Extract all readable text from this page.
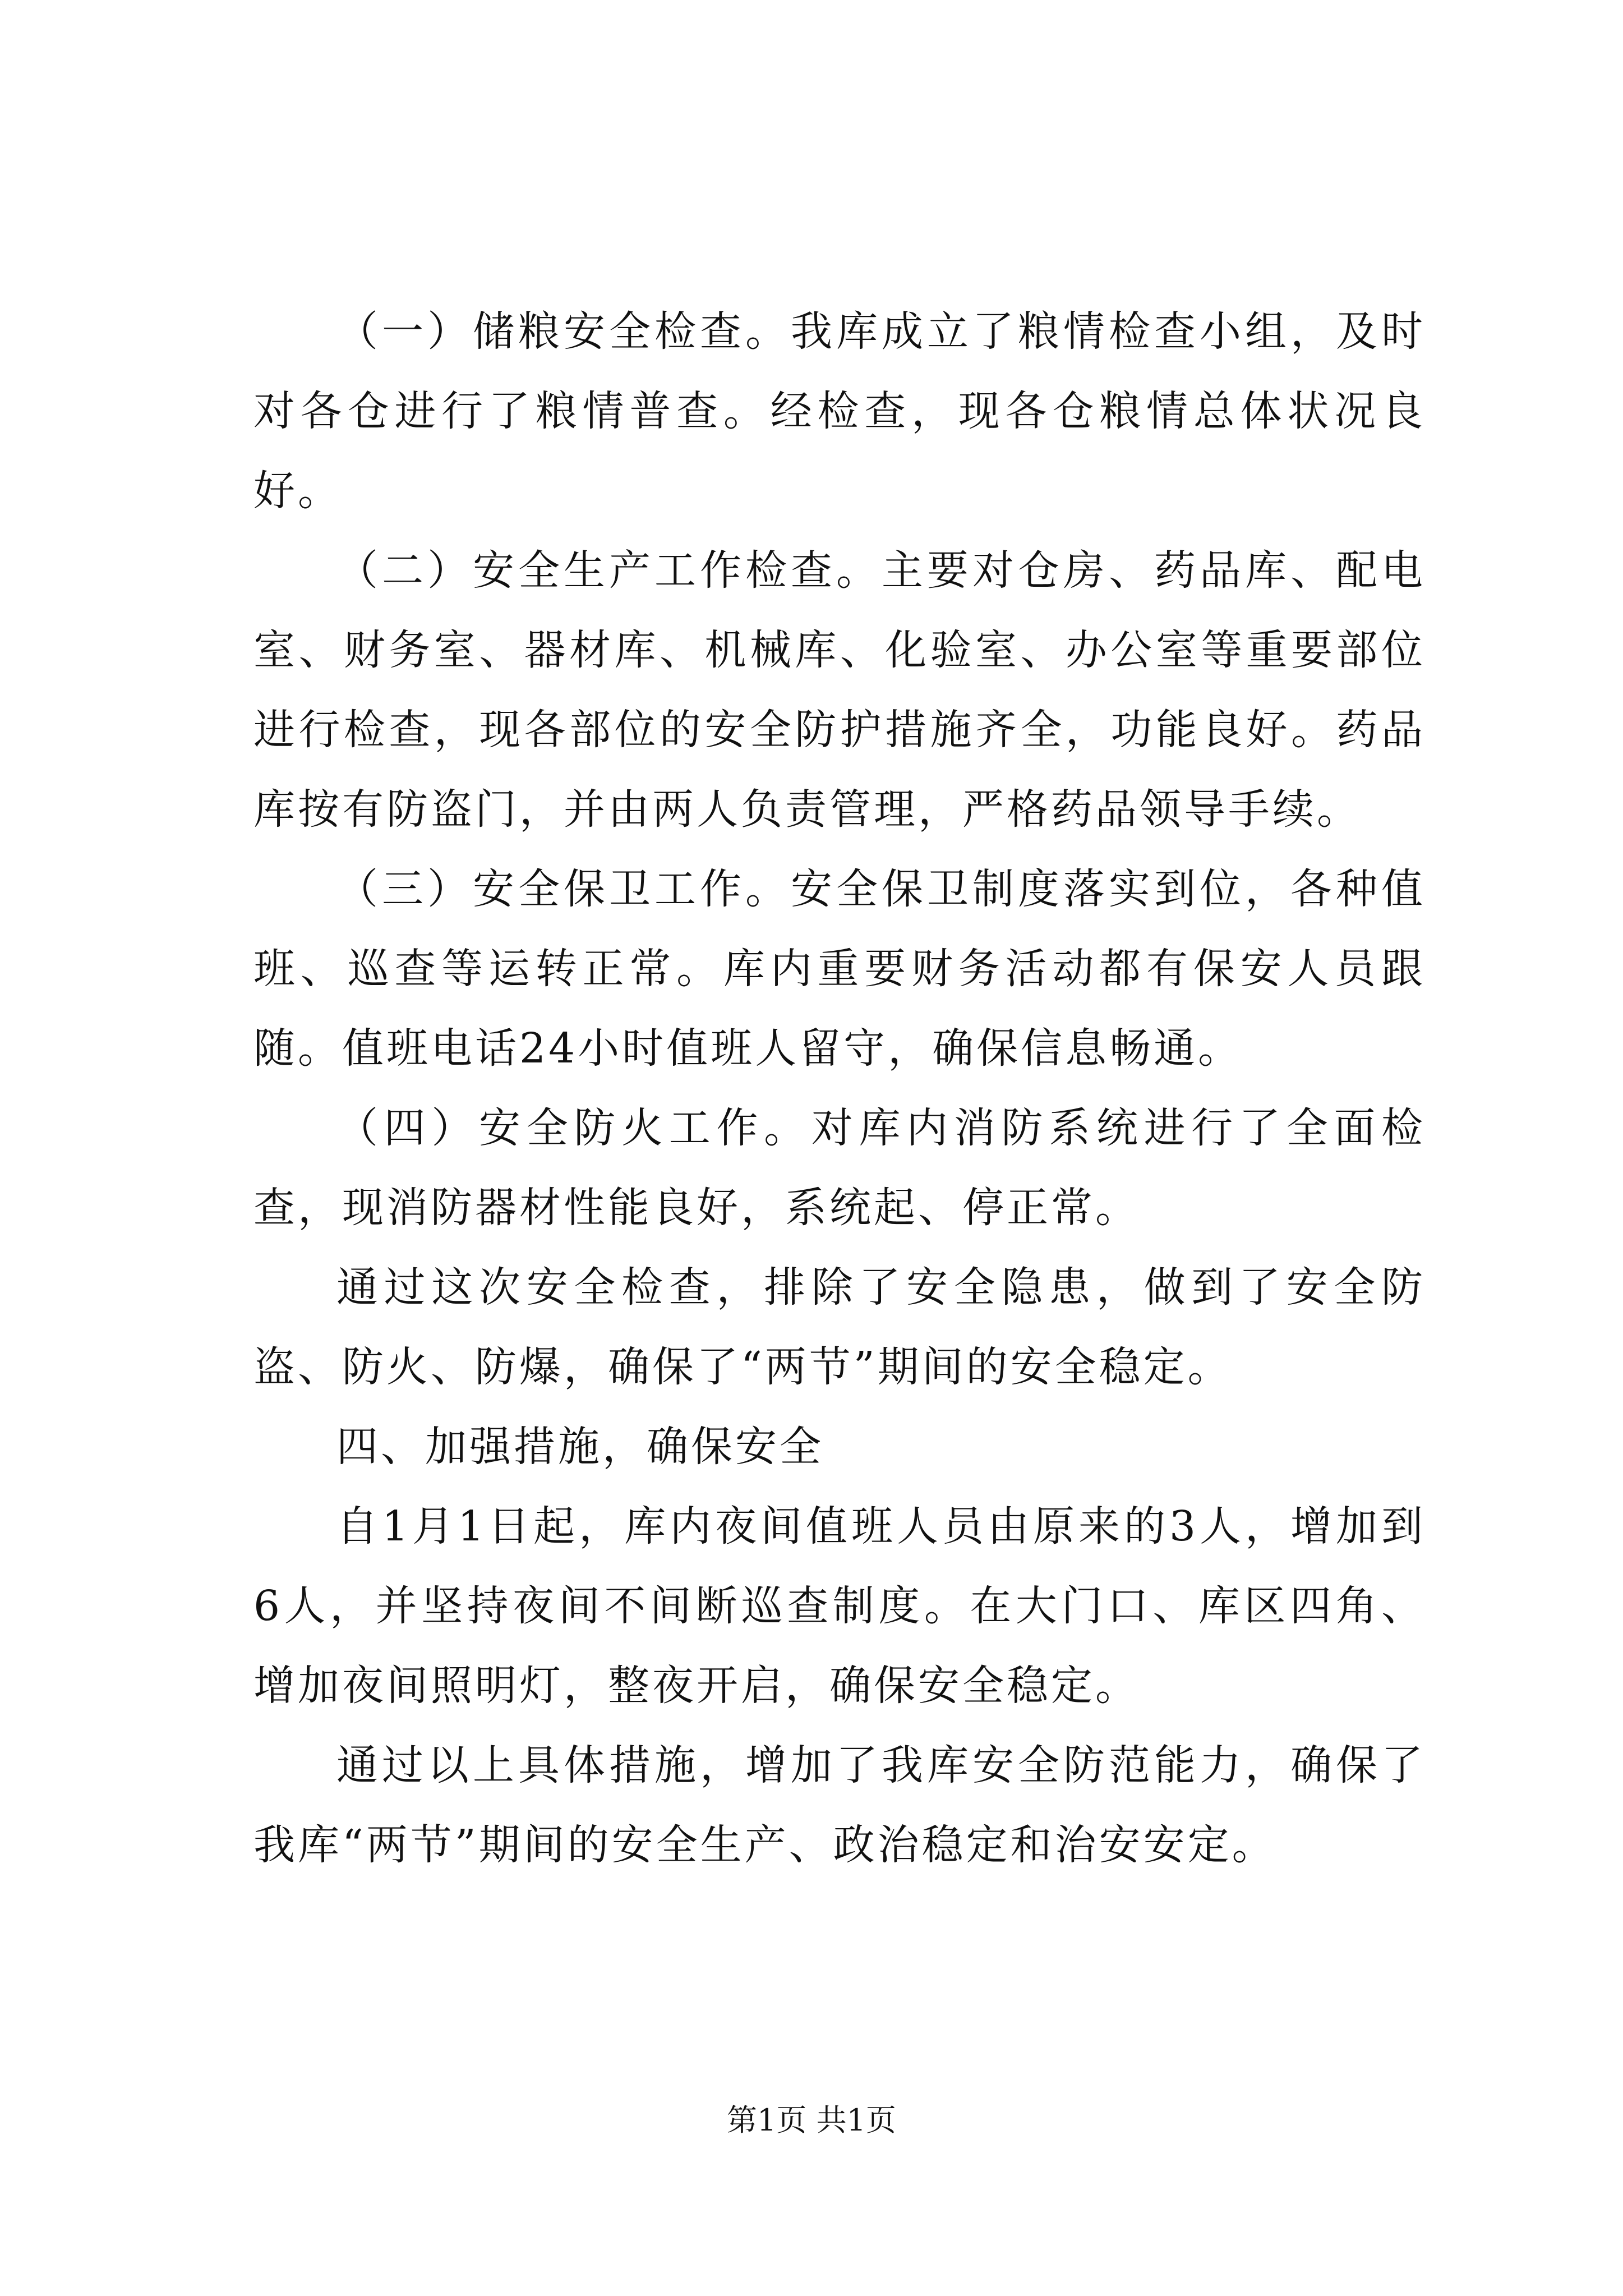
（一）储粮安全检查。我库成立了粮情检查小组，及时对各仓进行了粮情普查。经检查，现各仓粮情总体状况良好。

（二）安全生产工作检查。主要对仓房、药品库、配电室、财务室、器材库、机械库、化验室、办公室等重要部位进行检查，现各部位的安全防护措施齐全，功能良好。药品库按有防盗门，并由两人负责管理，严格药品领导手续。

（三）安全保卫工作。安全保卫制度落实到位，各种值班、巡查等运转正常。库内重要财务活动都有保安人员跟随。值班电话24小时值班人留守，确保信息畅通。

（四）安全防火工作。对库内消防系统进行了全面检查，现消防器材性能良好，系统起、停正常。

通过这次安全检查，排除了安全隐患，做到了安全防盗、防火、防爆，确保了“两节”期间的安全稳定。

四、加强措施，确保安全

自1月1日起，库内夜间值班人员由原来的3人，增加到6人，并坚持夜间不间断巡查制度。在大门口、库区四角、增加夜间照明灯，整夜开启，确保安全稳定。

通过以上具体措施，增加了我库安全防范能力，确保了我库“两节”期间的安全生产、政治稳定和治安安定。

第1页 共1页
